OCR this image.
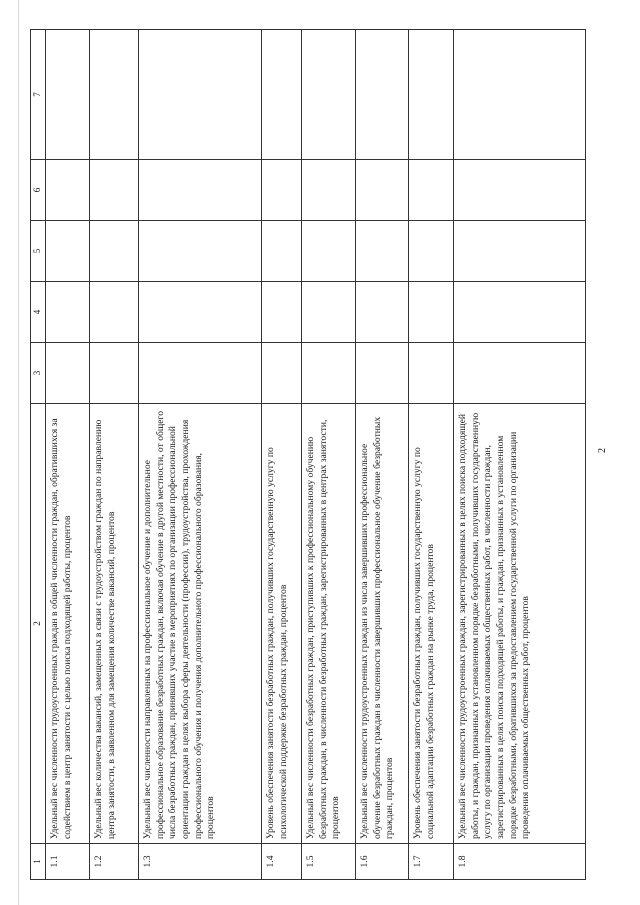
2
1	2	3	4	5	6	7
1.1	Удельный вес численности трудоустроенных граждан в общей численности граждан, обратившихся за содействием в центр занятости с целью поиска подходящей работы, процентов					
1.2	Удельный вес количества вакансий, замещенных в связи с трудоустройством граждан по направлению центра занятости, в заявленном для замещения количестве вакансий, процентов					
1.3	Удельный вес численности направленных на профессиональное обучение и дополнительное профессиональное образование безработных граждан, включая обучение в другой местности, от общего числа безработных граждан, принявших участие в мероприятиях по организации профессиональной ориентации граждан в целях выбора сферы деятельности (профессии), трудоустройства, прохождения профессионального обучения и получения дополнительного профессионального образования, процентов					
1.4	Уровень обеспечения занятости безработных граждан, получивших государственную услугу по психологической поддержке безработных граждан, процентов					
1.5	Удельный вес численности безработных граждан, приступивших к профессиональному обучению безработных граждан, в численности безработных граждан, зарегистрированных в центрах занятости, процентов					
1.6	Удельный вес численности трудоустроенных граждан из числа завершивших профессиональное обучение безработных граждан в численности завершивших профессиональное обучение безработных граждан, процентов					
1.7	Уровень обеспечения занятости безработных граждан, получивших государственную услугу по социальной адаптации безработных граждан на рынке труда, процентов					
1.8	Удельный вес численности трудоустроенных граждан, зарегистрированных в целях поиска подходящей работы, и граждан, признанных в установленном порядке безработными, получивших государственную услугу по организации проведения оплачиваемых общественных работ, в численности граждан, зарегистрированных в целях поиска подходящей работы, и граждан, признанных в установленном порядке безработными, обратившихся за предоставлением государственной услуги по организации проведения оплачиваемых общественных работ, процентов					
